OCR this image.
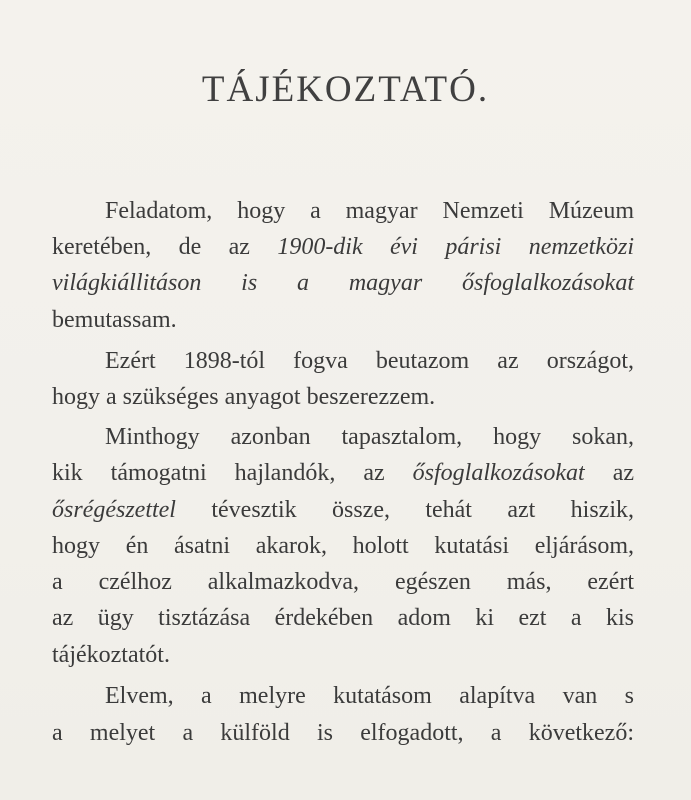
TÁJÉKOZTATÓ.
Feladatom, hogy a magyar Nemzeti Múzeum
keretében, de az 1900-dik évi párisi nemzetközi
világkiállitáson is a magyar ősfoglalkozásokat
bemutassam.
Ezért 1898-tól fogva beutazom az országot,
hogy a szükséges anyagot beszerezzem.
Minthogy azonban tapasztalom, hogy sokan,
kik támogatni hajlandók, az ősfoglalkozásokat az
ősrégészettel tévesztik össze, tehát azt hiszik,
hogy én ásatni akarok, holott kutatási eljárásom,
a czélhoz alkalmazkodva, egészen más, ezért
az ügy tisztázása érdekében adom ki ezt a kis
tájékoztatót.
Elvem, a melyre kutatásom alapítva van s
a melyet a külföld is elfogadott, a következő:
